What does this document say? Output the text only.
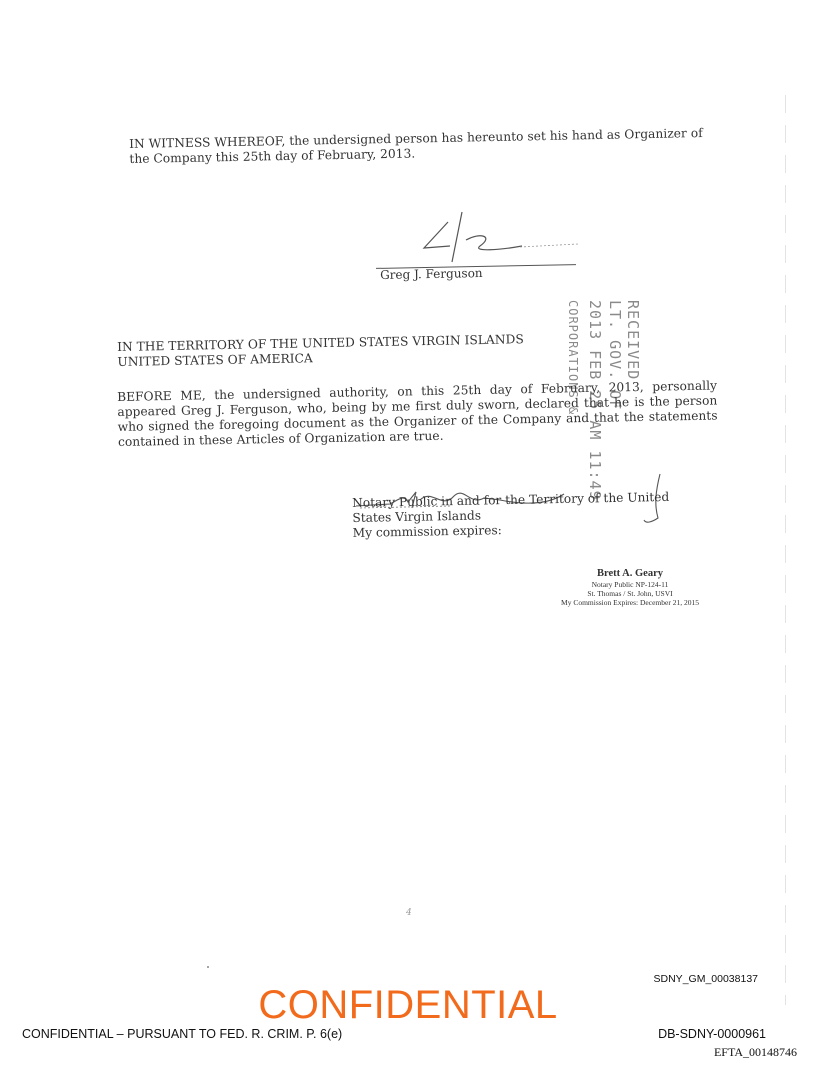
IN WITNESS WHEREOF, the undersigned person has hereunto set his hand as Organizer of the Company this 25th day of February, 2013.

Greg J. Ferguson
RECEIVED
LT. GOV. OF
2013 FEB 25 AM 11:49
CORPORATIONS &

IN THE TERRITORY OF THE UNITED STATES VIRGIN ISLANDS
UNITED STATES OF AMERICA

BEFORE ME, the undersigned authority, on this 25th day of February, 2013, personally appeared Greg J. Ferguson, who, being by me first duly sworn, declared that he is the person who signed the foregoing document as the Organizer of the Company and that the statements contained in these Articles of Organization are true.

Notary Public in and for the Territory of the United
States Virgin Islands
My commission expires:
Brett A. Geary
Notary Public NP-124-11
St. Thomas / St. John, USVI
My Commission Expires: December 21, 2015
4
SDNY_GM_00038137
CONFIDENTIAL
CONFIDENTIAL – PURSUANT TO FED. R. CRIM. P. 6(e)	DB-SDNY-0000961
EFTA_00148746
